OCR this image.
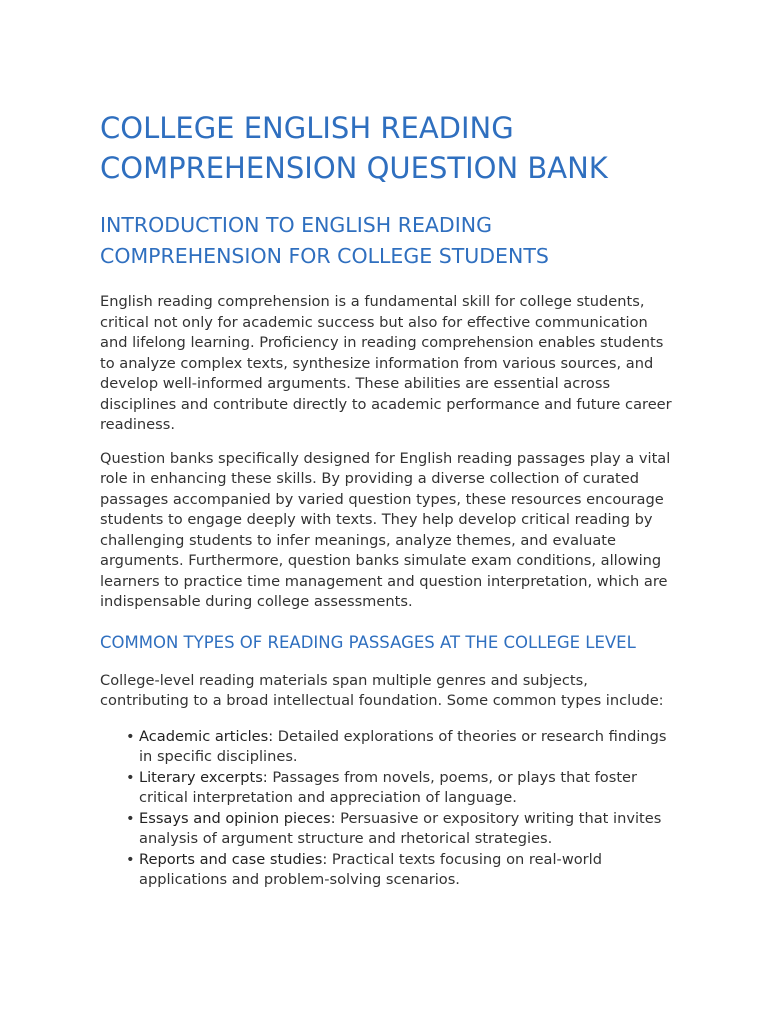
COLLEGE ENGLISH READING COMPREHENSION QUESTION BANK
INTRODUCTION TO ENGLISH READING COMPREHENSION FOR COLLEGE STUDENTS

English reading comprehension is a fundamental skill for college students, critical not only for academic success but also for effective communication and lifelong learning. Proficiency in reading comprehension enables students to analyze complex texts, synthesize information from various sources, and develop well-informed arguments. These abilities are essential across disciplines and contribute directly to academic performance and future career readiness.

Question banks specifically designed for English reading passages play a vital role in enhancing these skills. By providing a diverse collection of curated passages accompanied by varied question types, these resources encourage students to engage deeply with texts. They help develop critical reading by challenging students to infer meanings, analyze themes, and evaluate arguments. Furthermore, question banks simulate exam conditions, allowing learners to practice time management and question interpretation, which are indispensable during college assessments.

COMMON TYPES OF READING PASSAGES AT THE COLLEGE LEVEL

College-level reading materials span multiple genres and subjects, contributing to a broad intellectual foundation. Some common types include:

• Academic articles: Detailed explorations of theories or research findings in specific disciplines.
• Literary excerpts: Passages from novels, poems, or plays that foster critical interpretation and appreciation of language.
• Essays and opinion pieces: Persuasive or expository writing that invites analysis of argument structure and rhetorical strategies.
• Reports and case studies: Practical texts focusing on real-world applications and problem-solving scenarios.
